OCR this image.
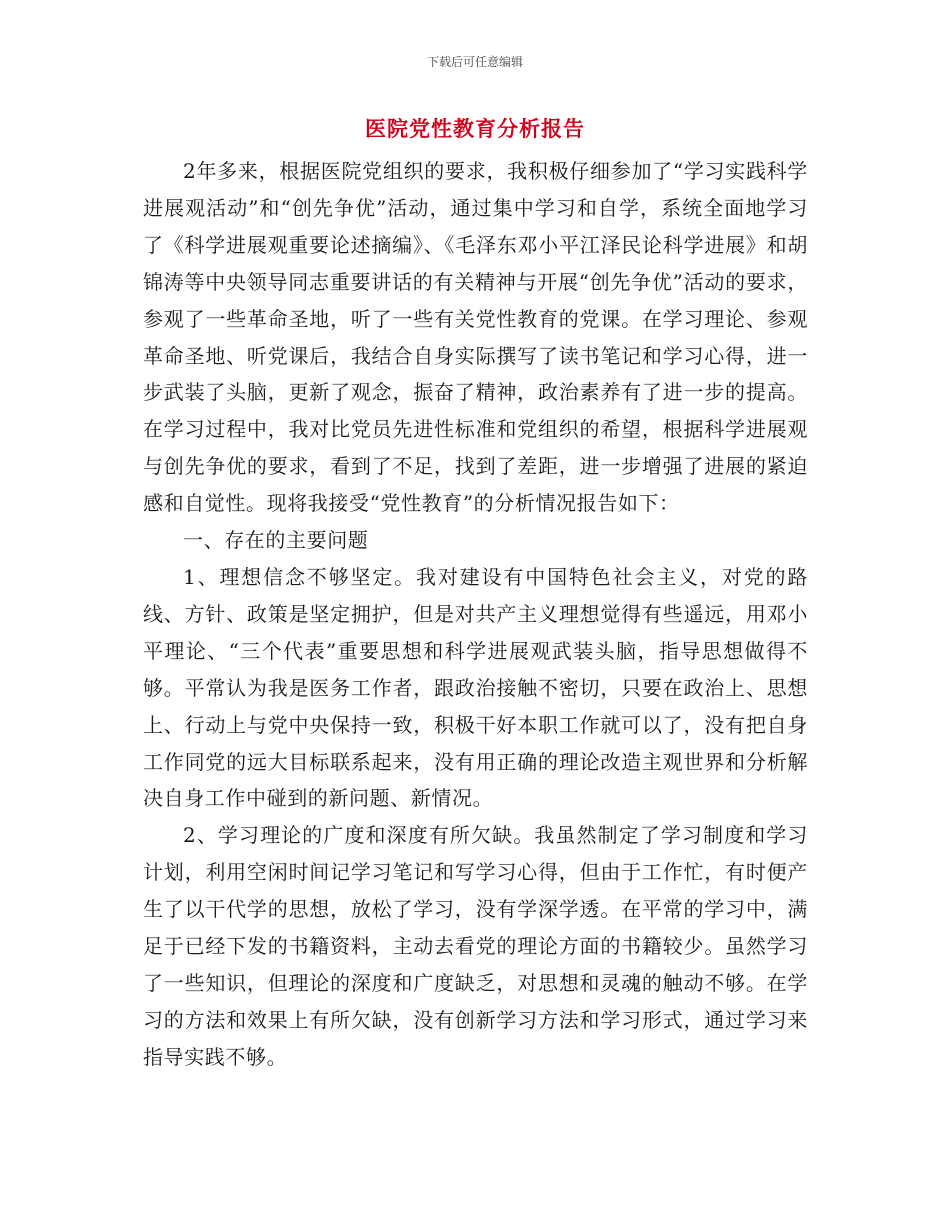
下载后可任意编辑
医院党性教育分析报告

2年多来，根据医院党组织的要求，我积极仔细参加了“学习实践科学进展观活动”和“创先争优”活动，通过集中学习和自学，系统全面地学习了《科学进展观重要论述摘编》、《毛泽东邓小平江泽民论科学进展》和胡锦涛等中央领导同志重要讲话的有关精神与开展“创先争优”活动的要求，参观了一些革命圣地，听了一些有关党性教育的党课。在学习理论、参观革命圣地、听党课后，我结合自身实际撰写了读书笔记和学习心得，进一步武装了头脑，更新了观念，振奋了精神，政治素养有了进一步的提高。在学习过程中，我对比党员先进性标准和党组织的希望，根据科学进展观与创先争优的要求，看到了不足，找到了差距，进一步增强了进展的紧迫感和自觉性。现将我接受“党性教育”的分析情况报告如下：

一、存在的主要问题

1、理想信念不够坚定。我对建设有中国特色社会主义，对党的路线、方针、政策是坚定拥护，但是对共产主义理想觉得有些遥远，用邓小平理论、“三个代表”重要思想和科学进展观武装头脑，指导思想做得不够。平常认为我是医务工作者，跟政治接触不密切，只要在政治上、思想上、行动上与党中央保持一致，积极干好本职工作就可以了，没有把自身工作同党的远大目标联系起来，没有用正确的理论改造主观世界和分析解决自身工作中碰到的新问题、新情况。

2、学习理论的广度和深度有所欠缺。我虽然制定了学习制度和学习计划，利用空闲时间记学习笔记和写学习心得，但由于工作忙，有时便产生了以干代学的思想，放松了学习，没有学深学透。在平常的学习中，满足于已经下发的书籍资料，主动去看党的理论方面的书籍较少。虽然学习了一些知识，但理论的深度和广度缺乏，对思想和灵魂的触动不够。在学习的方法和效果上有所欠缺，没有创新学习方法和学习形式，通过学习来指导实践不够。
